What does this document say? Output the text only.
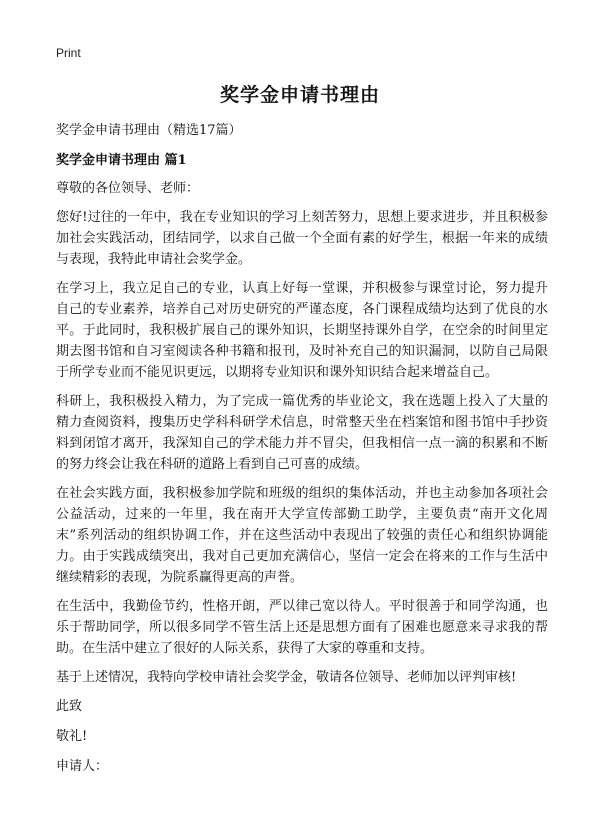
Print
奖学金申请书理由

奖学金申请书理由（精选17篇）

奖学金申请书理由 篇1

尊敬的各位领导、老师：

您好!过往的一年中，我在专业知识的学习上刻苦努力，思想上要求进步，并且积极参加社会实践活动，团结同学，以求自己做一个全面有素的好学生，根据一年来的成绩与表现，我特此申请社会奖学金。

在学习上，我立足自己的专业，认真上好每一堂课，并积极参与课堂讨论，努力提升自己的专业素养，培养自己对历史研究的严谨态度，各门课程成绩均达到了优良的水平。于此同时，我积极扩展自己的课外知识，长期坚持课外自学，在空余的时间里定期去图书馆和自习室阅读各种书籍和报刊，及时补充自己的知识漏洞，以防自己局限于所学专业而不能见识更远，以期将专业知识和课外知识结合起来增益自己。

科研上，我积极投入精力，为了完成一篇优秀的毕业论文，我在选题上投入了大量的精力查阅资料，搜集历史学科科研学术信息，时常整天坐在档案馆和图书馆中手抄资料到闭馆才离开，我深知自己的学术能力并不冒尖，但我相信一点一滴的积累和不断的努力终会让我在科研的道路上看到自己可喜的成绩。

在社会实践方面，我积极参加学院和班级的组织的集体活动，并也主动参加各项社会公益活动，过来的一年里，我在南开大学宣传部勤工助学，主要负责“南开文化周末”系列活动的组织协调工作，并在这些活动中表现出了较强的责任心和组织协调能力。由于实践成绩突出，我对自己更加充满信心，坚信一定会在将来的工作与生活中继续精彩的表现，为院系赢得更高的声誉。

在生活中，我勤俭节约，性格开朗，严以律己宽以待人。平时很善于和同学沟通，也乐于帮助同学，所以很多同学不管生活上还是思想方面有了困难也愿意来寻求我的帮助。在生活中建立了很好的人际关系，获得了大家的尊重和支持。

基于上述情况，我特向学校申请社会奖学金，敬请各位领导、老师加以评判审核!

此致

敬礼!

申请人：
